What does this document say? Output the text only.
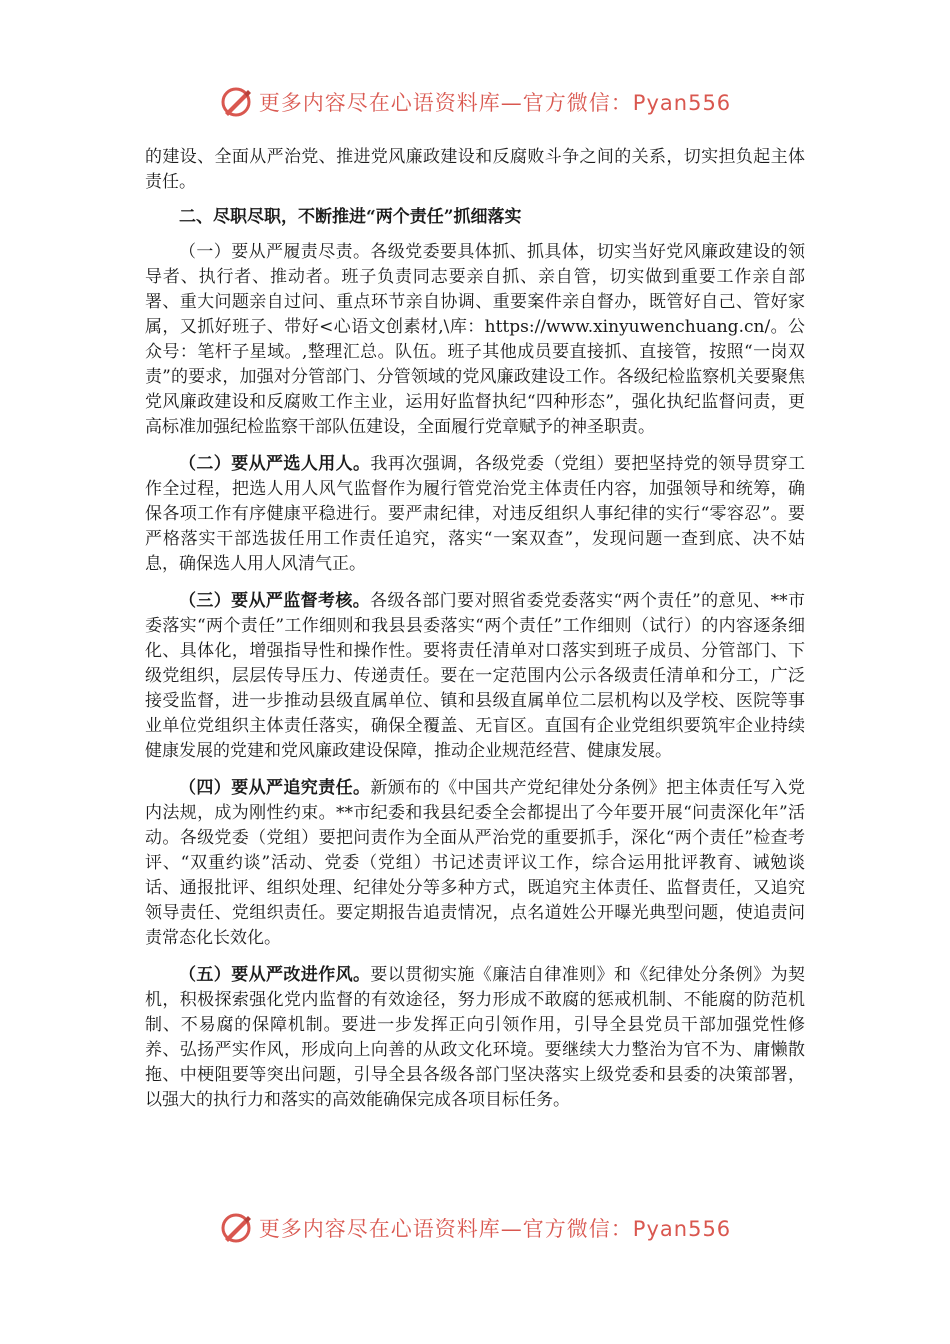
更多内容尽在心语资料库—官方微信：Pyan556

的建设、全面从严治党、推进党风廉政建设和反腐败斗争之间的关系，切实担负起主体责任。

二、尽职尽职，不断推进“两个责任”抓细落实

（一）要从严履责尽责。各级党委要具体抓、抓具体，切实当好党风廉政建设的领导者、执行者、推动者。班子负责同志要亲自抓、亲自管，切实做到重要工作亲自部署、重大问题亲自过问、重点环节亲自协调、重要案件亲自督办，既管好自己、管好家属，又抓好班子、带好<心语文创素材,\库：https://www.xinyuwenchuang.cn/。公众号：笔杆子星域。,整理汇总。队伍。班子其他成员要直接抓、直接管，按照“一岗双责”的要求，加强对分管部门、分管领域的党风廉政建设工作。各级纪检监察机关要聚焦党风廉政建设和反腐败工作主业，运用好监督执纪“四种形态”，强化执纪监督问责，更高标准加强纪检监察干部队伍建设，全面履行党章赋予的神圣职责。

（二）要从严选人用人。我再次强调，各级党委（党组）要把坚持党的领导贯穿工作全过程，把选人用人风气监督作为履行管党治党主体责任内容，加强领导和统筹，确保各项工作有序健康平稳进行。要严肃纪律，对违反组织人事纪律的实行“零容忍”。要严格落实干部选拔任用工作责任追究，落实“一案双查”，发现问题一查到底、决不姑息，确保选人用人风清气正。

（三）要从严监督考核。各级各部门要对照省委党委落实“两个责任”的意见、**市委落实“两个责任”工作细则和我县县委落实“两个责任”工作细则（试行）的内容逐条细化、具体化，增强指导性和操作性。要将责任清单对口落实到班子成员、分管部门、下级党组织，层层传导压力、传递责任。要在一定范围内公示各级责任清单和分工，广泛接受监督，进一步推动县级直属单位、镇和县级直属单位二层机构以及学校、医院等事业单位党组织主体责任落实，确保全覆盖、无盲区。直国有企业党组织要筑牢企业持续健康发展的党建和党风廉政建设保障，推动企业规范经营、健康发展。

（四）要从严追究责任。新颁布的《中国共产党纪律处分条例》把主体责任写入党内法规，成为刚性约束。**市纪委和我县纪委全会都提出了今年要开展“问责深化年”活动。各级党委（党组）要把问责作为全面从严治党的重要抓手，深化“两个责任”检查考评、“双重约谈”活动、党委（党组）书记述责评议工作，综合运用批评教育、诫勉谈话、通报批评、组织处理、纪律处分等多种方式，既追究主体责任、监督责任，又追究领导责任、党组织责任。要定期报告追责情况，点名道姓公开曝光典型问题，使追责问责常态化长效化。

（五）要从严改进作风。要以贯彻实施《廉洁自律准则》和《纪律处分条例》为契机，积极探索强化党内监督的有效途径，努力形成不敢腐的惩戒机制、不能腐的防范机制、不易腐的保障机制。要进一步发挥正向引领作用，引导全县党员干部加强党性修养、弘扬严实作风，形成向上向善的从政文化环境。要继续大力整治为官不为、庸懒散拖、中梗阻要等突出问题，引导全县各级各部门坚决落实上级党委和县委的决策部署，以强大的执行力和落实的高效能确保完成各项目标任务。

更多内容尽在心语资料库—官方微信：Pyan556
